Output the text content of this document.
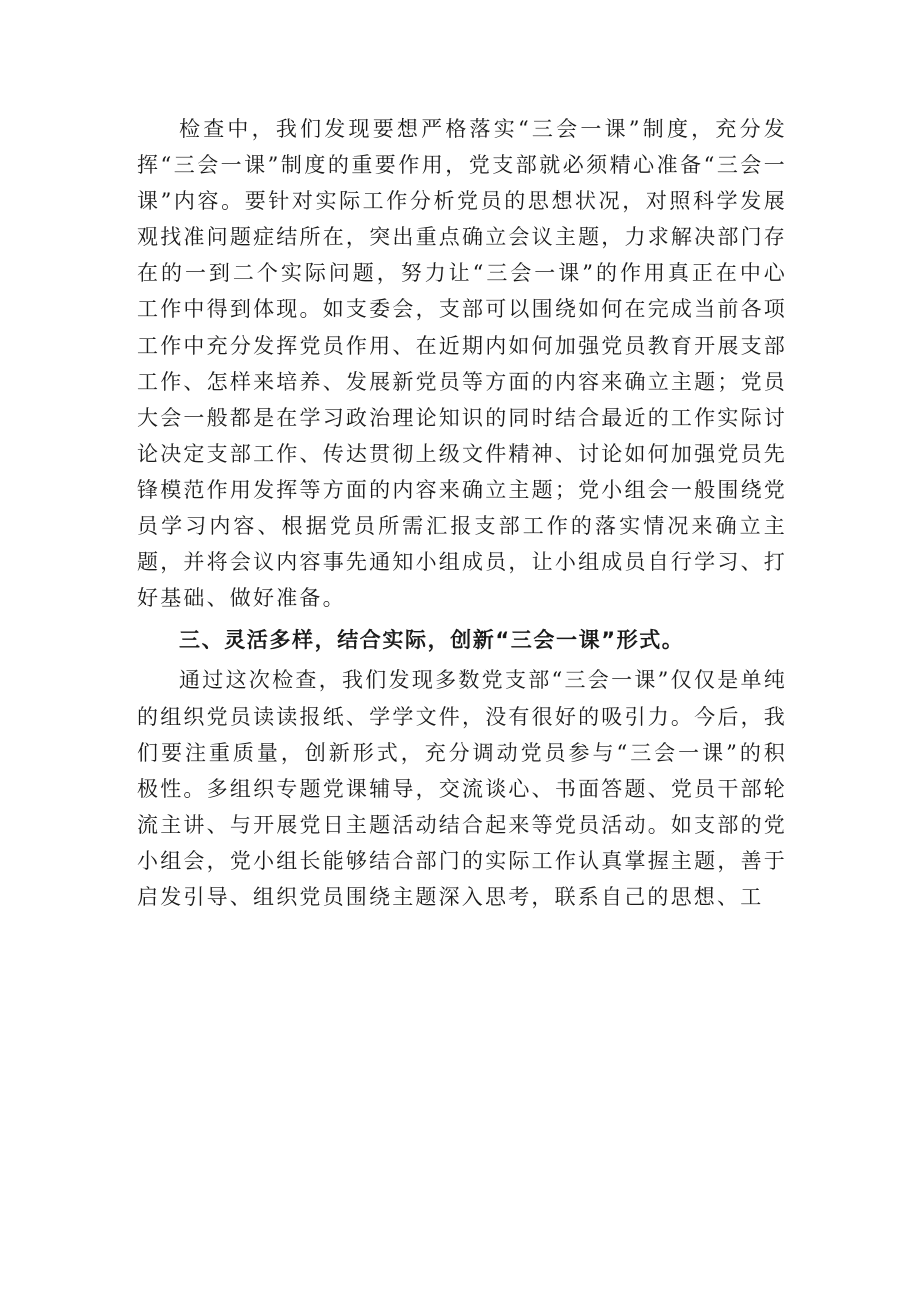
检查中，我们发现要想严格落实“三会一课”制度，充分发挥“三会一课”制度的重要作用，党支部就必须精心准备“三会一课”内容。要针对实际工作分析党员的思想状况，对照科学发展观找准问题症结所在，突出重点确立会议主题，力求解决部门存在的一到二个实际问题，努力让“三会一课”的作用真正在中心工作中得到体现。如支委会，支部可以围绕如何在完成当前各项工作中充分发挥党员作用、在近期内如何加强党员教育开展支部工作、怎样来培养、发展新党员等方面的内容来确立主题；党员大会一般都是在学习政治理论知识的同时结合最近的工作实际讨论决定支部工作、传达贯彻上级文件精神、讨论如何加强党员先锋模范作用发挥等方面的内容来确立主题；党小组会一般围绕党员学习内容、根据党员所需汇报支部工作的落实情况来确立主题，并将会议内容事先通知小组成员，让小组成员自行学习、打好基础、做好准备。

三、灵活多样，结合实际，创新“三会一课”形式。

通过这次检查，我们发现多数党支部“三会一课”仅仅是单纯的组织党员读读报纸、学学文件，没有很好的吸引力。今后，我们要注重质量，创新形式，充分调动党员参与“三会一课”的积极性。多组织专题党课辅导，交流谈心、书面答题、党员干部轮流主讲、与开展党日主题活动结合起来等党员活动。如支部的党小组会，党小组长能够结合部门的实际工作认真掌握主题，善于启发引导、组织党员围绕主题深入思考，联系自己的思想、工
